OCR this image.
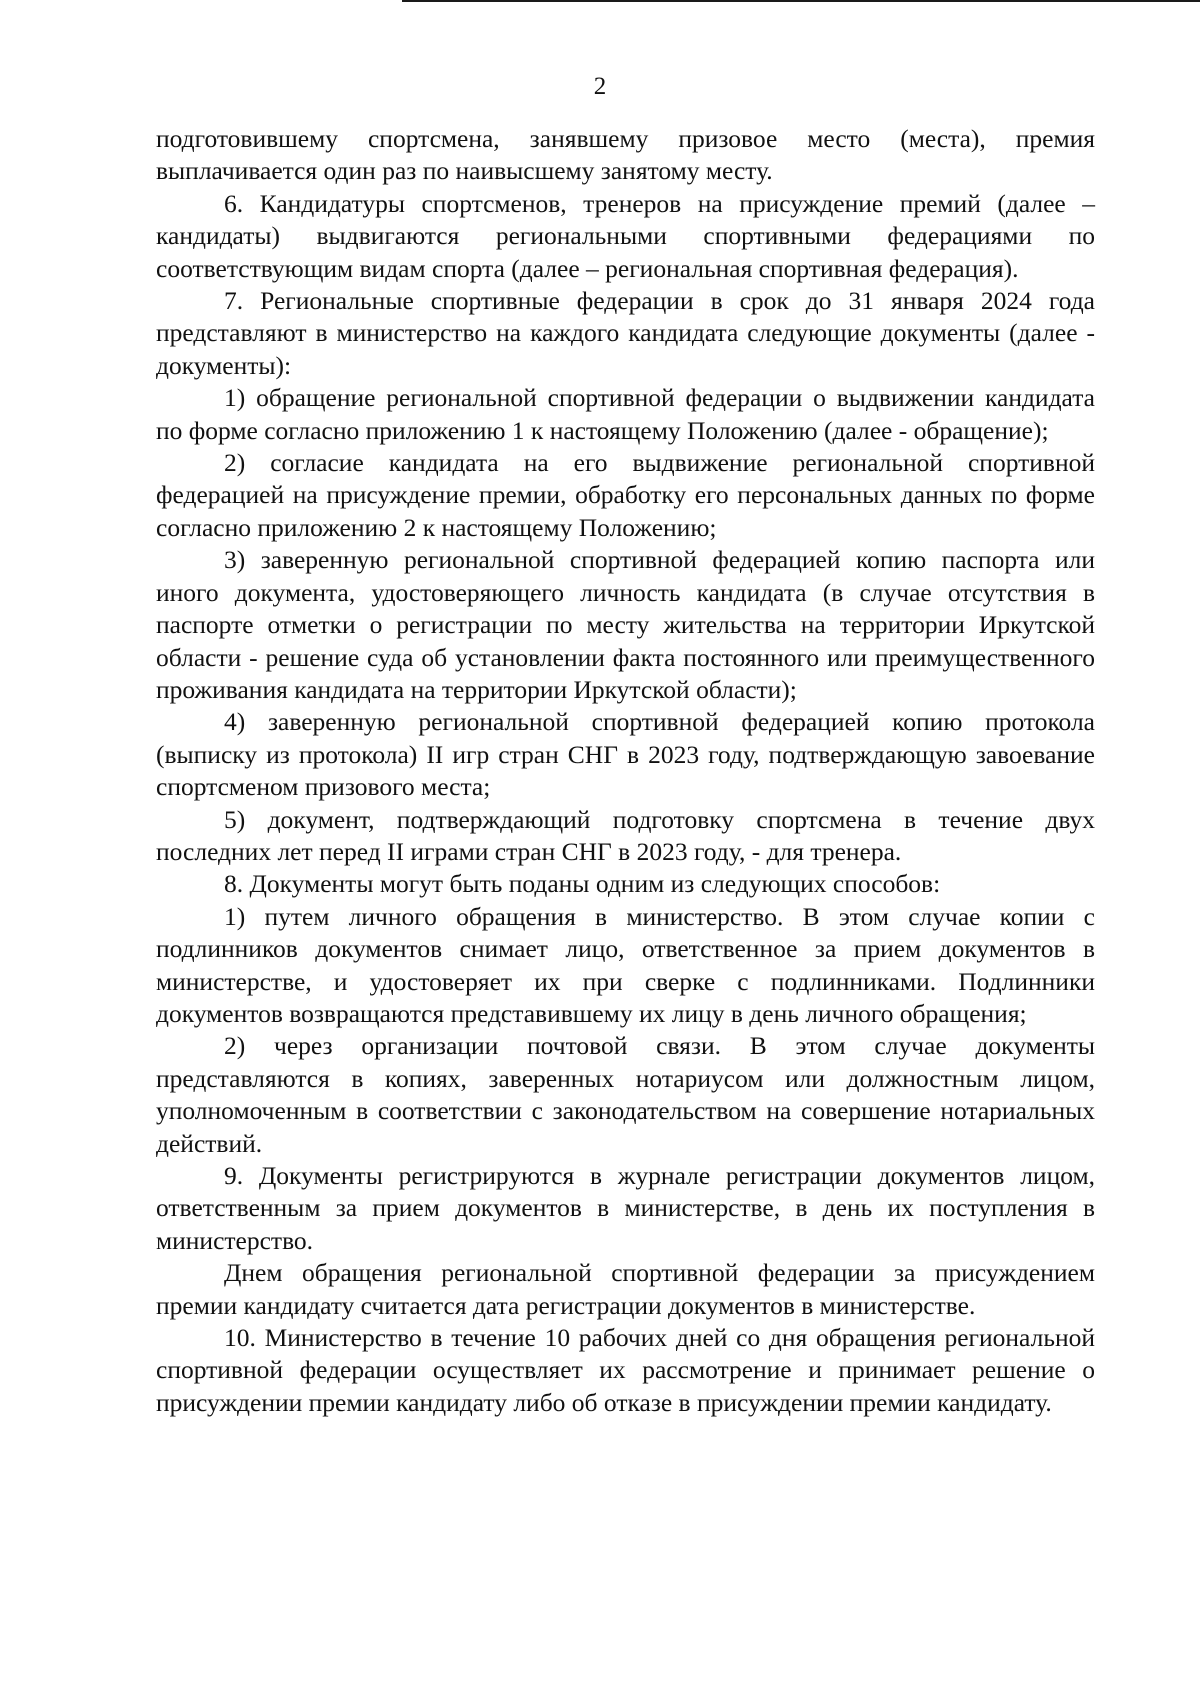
2

подготовившему спортсмена, занявшему призовое место (места), премия выплачивается один раз по наивысшему занятому месту.

6. Кандидатуры спортсменов, тренеров на присуждение премий (далее – кандидаты) выдвигаются региональными спортивными федерациями по соответствующим видам спорта (далее – региональная спортивная федерация).

7. Региональные спортивные федерации в срок до 31 января 2024 года представляют в министерство на каждого кандидата следующие документы (далее - документы):

1) обращение региональной спортивной федерации о выдвижении кандидата по форме согласно приложению 1 к настоящему Положению (далее - обращение);

2) согласие кандидата на его выдвижение региональной спортивной федерацией на присуждение премии, обработку его персональных данных по форме согласно приложению 2 к настоящему Положению;

3) заверенную региональной спортивной федерацией копию паспорта или иного документа, удостоверяющего личность кандидата (в случае отсутствия в паспорте отметки о регистрации по месту жительства на территории Иркутской области - решение суда об установлении факта постоянного или преимущественного проживания кандидата на территории Иркутской области);

4) заверенную региональной спортивной федерацией копию протокола (выписку из протокола) II игр стран СНГ в 2023 году, подтверждающую завоевание спортсменом призового места;

5) документ, подтверждающий подготовку спортсмена в течение двух последних лет перед II играми стран СНГ в 2023 году, - для тренера.

8. Документы могут быть поданы одним из следующих способов:

1) путем личного обращения в министерство. В этом случае копии с подлинников документов снимает лицо, ответственное за прием документов в министерстве, и удостоверяет их при сверке с подлинниками. Подлинники документов возвращаются представившему их лицу в день личного обращения;

2) через организации почтовой связи. В этом случае документы представляются в копиях, заверенных нотариусом или должностным лицом, уполномоченным в соответствии с законодательством на совершение нотариальных действий.

9. Документы регистрируются в журнале регистрации документов лицом, ответственным за прием документов в министерстве, в день их поступления в министерство.

Днем обращения региональной спортивной федерации за присуждением премии кандидату считается дата регистрации документов в министерстве.

10. Министерство в течение 10 рабочих дней со дня обращения региональной спортивной федерации осуществляет их рассмотрение и принимает решение о присуждении премии кандидату либо об отказе в присуждении премии кандидату.
